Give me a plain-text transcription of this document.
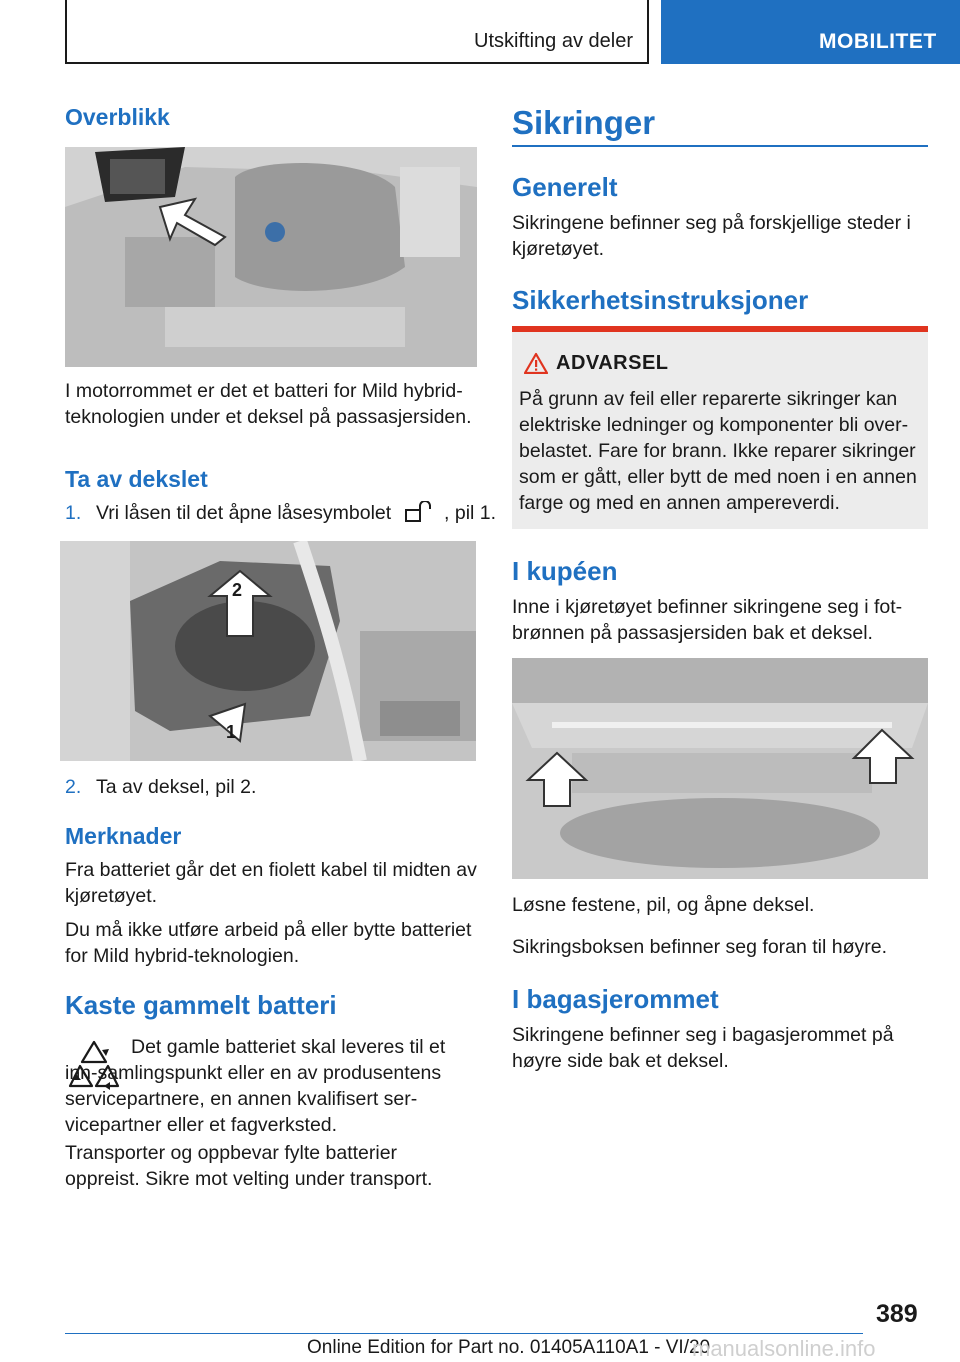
Utskifting av deler	MOBILITET
Overblikk

I motorrommet er det et batteri for Mild hybrid-teknologien under et deksel på passasjersiden.

Ta av dekslet
1. Vri låsen til det åpne låsesymbolet	, pil 1.

2
1
2. Ta av deksel, pil 2.

Merknader

Fra batteriet går det en fiolett kabel til midten av kjøretøyet.

Du må ikke utføre arbeid på eller bytte batteriet for Mild hybrid-teknologien.

Kaste gammelt batteri

Det gamle batteriet skal leveres til et inn-samlingspunkt eller en av produsentens servicepartnere, en annen kvalifisert ser-vicepartner eller et fagverksted.

Transporter og oppbevar fylte batterier oppreist. Sikre mot velting under transport.

Sikringer
Generelt

Sikringene befinner seg på forskjellige steder i kjøretøyet.

Sikkerhetsinstruksjoner
ADVARSEL

På grunn av feil eller reparerte sikringer kan elektriske ledninger og komponenter bli over-belastet. Fare for brann. Ikke reparer sikringer som er gått, eller bytt de med noen i en annen farge og med en annen ampereverdi.

I kupéen

Inne i kjøretøyet befinner sikringene seg i fot-brønnen på passasjersiden bak et deksel.

Løsne festene, pil, og åpne deksel.

Sikringsboksen befinner seg foran til høyre.

I bagasjerommet

Sikringene befinner seg i bagasjerommet på høyre side bak et deksel.

389
Online Edition for Part no. 01405A110A1 - VI/20
manualsonline.info
